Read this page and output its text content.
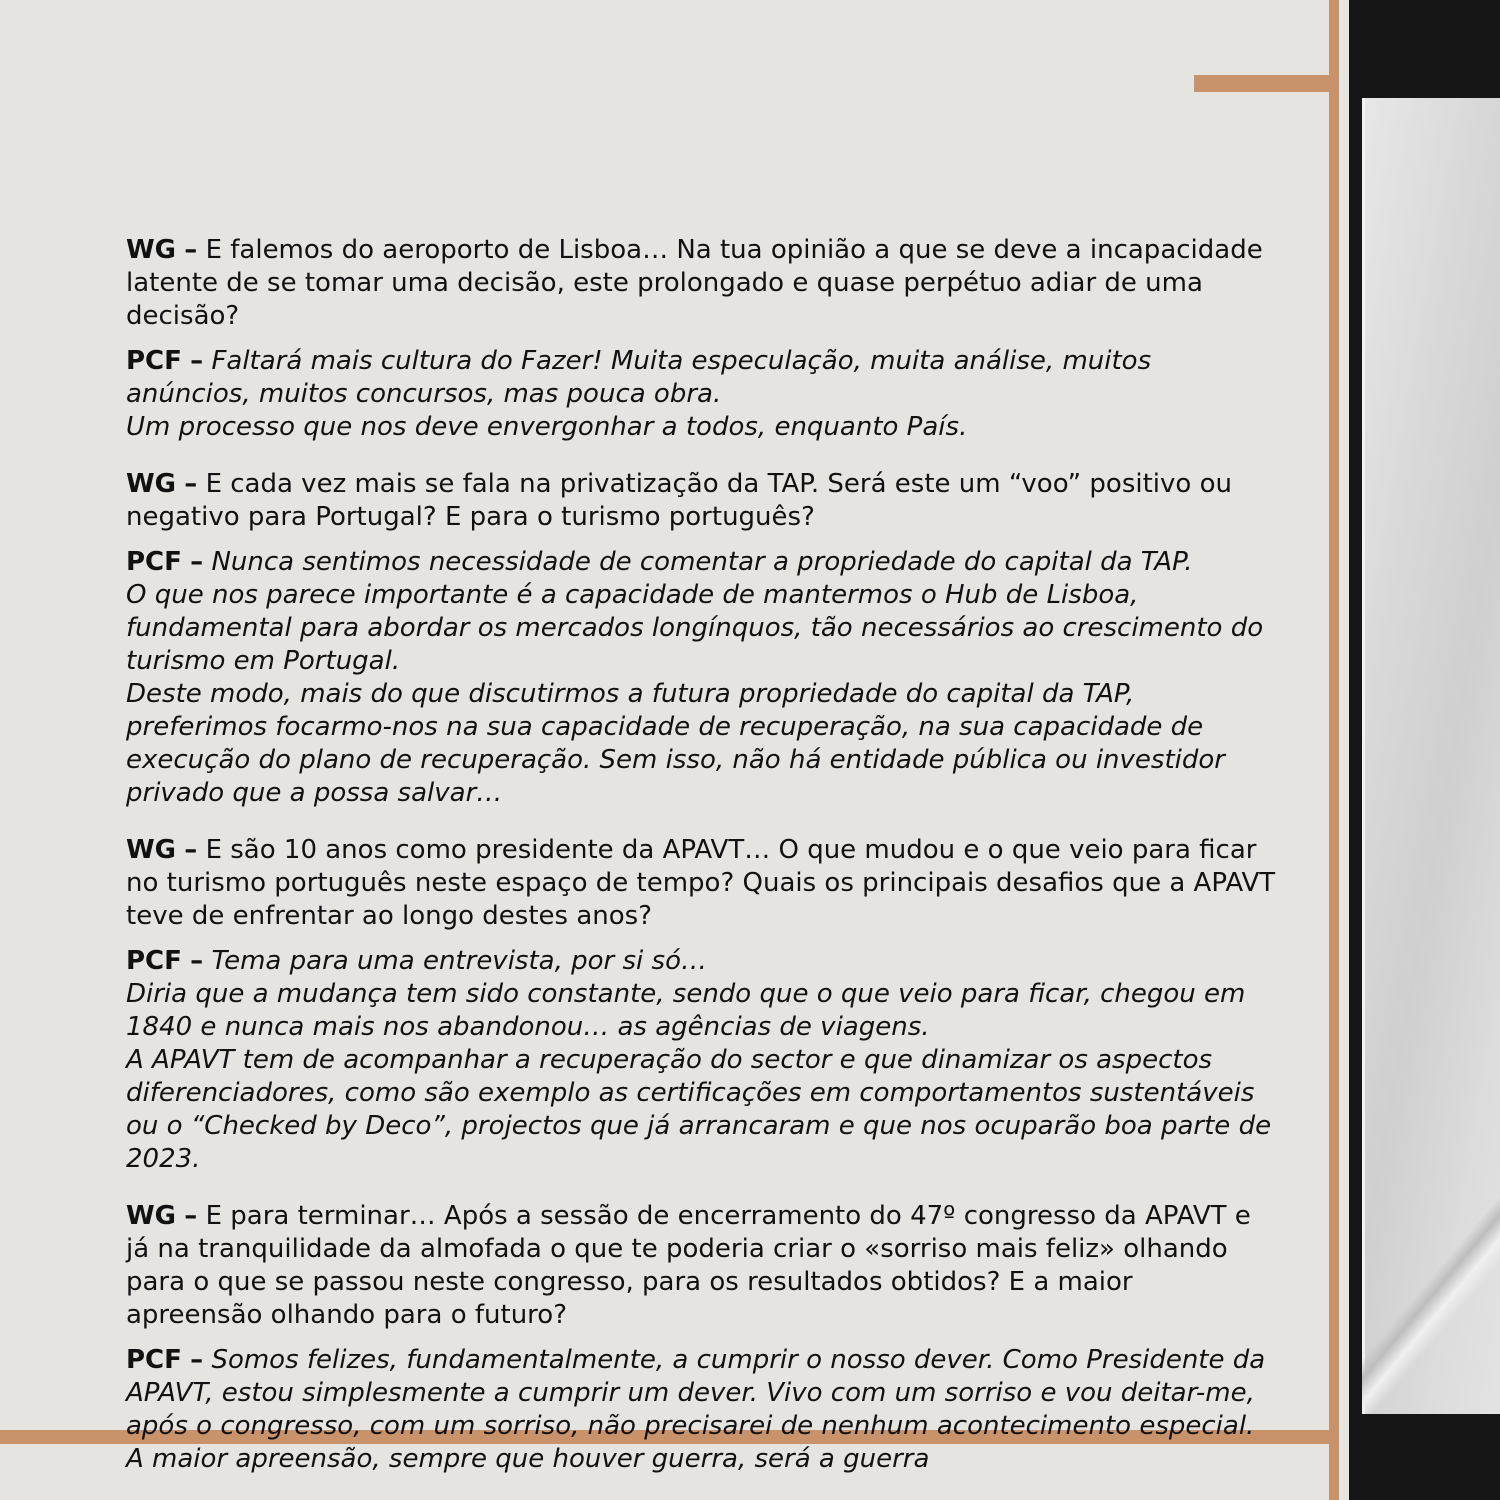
WG – E falemos do aeroporto de Lisboa… Na tua opinião a que se deve a incapacidade latente de se tomar uma decisão, este prolongado e quase perpétuo adiar de uma decisão?

PCF – Faltará mais cultura do Fazer! Muita especulação, muita análise, muitos anúncios, muitos concursos, mas pouca obra.
Um processo que nos deve envergonhar a todos, enquanto País.

WG – E cada vez mais se fala na privatização da TAP. Será este um “voo” positivo ou negativo para Portugal? E para o turismo português?

PCF – Nunca sentimos necessidade de comentar a propriedade do capital da TAP.
O que nos parece importante é a capacidade de mantermos o Hub de Lisboa, fundamental para abordar os mercados longínquos, tão necessários ao crescimento do turismo em Portugal.
Deste modo, mais do que discutirmos a futura propriedade do capital da TAP, preferimos focarmo-nos na sua capacidade de recuperação, na sua capacidade de execução do plano de recuperação. Sem isso, não há entidade pública ou investidor privado que a possa salvar…

WG – E são 10 anos como presidente da APAVT… O que mudou e o que veio para ficar no turismo português neste espaço de tempo? Quais os principais desafios que a APAVT teve de enfrentar ao longo destes anos?

PCF – Tema para uma entrevista, por si só…
Diria que a mudança tem sido constante, sendo que o que veio para ficar, chegou em 1840 e nunca mais nos abandonou… as agências de viagens.
A APAVT tem de acompanhar a recuperação do sector e que dinamizar os aspectos diferenciadores, como são exemplo as certificações em comportamentos sustentáveis ou o “Checked by Deco”, projectos que já arrancaram e que nos ocuparão boa parte de 2023.

WG – E para terminar… Após a sessão de encerramento do 47º congresso da APAVT e já na tranquilidade da almofada o que te poderia criar o «sorriso mais feliz» olhando para o que se passou neste congresso, para os resultados obtidos? E a maior apreensão olhando para o futuro?

PCF – Somos felizes, fundamentalmente, a cumprir o nosso dever. Como Presidente da APAVT, estou simplesmente a cumprir um dever. Vivo com um sorriso e vou deitar-me, após o congresso, com um sorriso, não precisarei de nenhum acontecimento especial.
A maior apreensão, sempre que houver guerra, será a guerra
